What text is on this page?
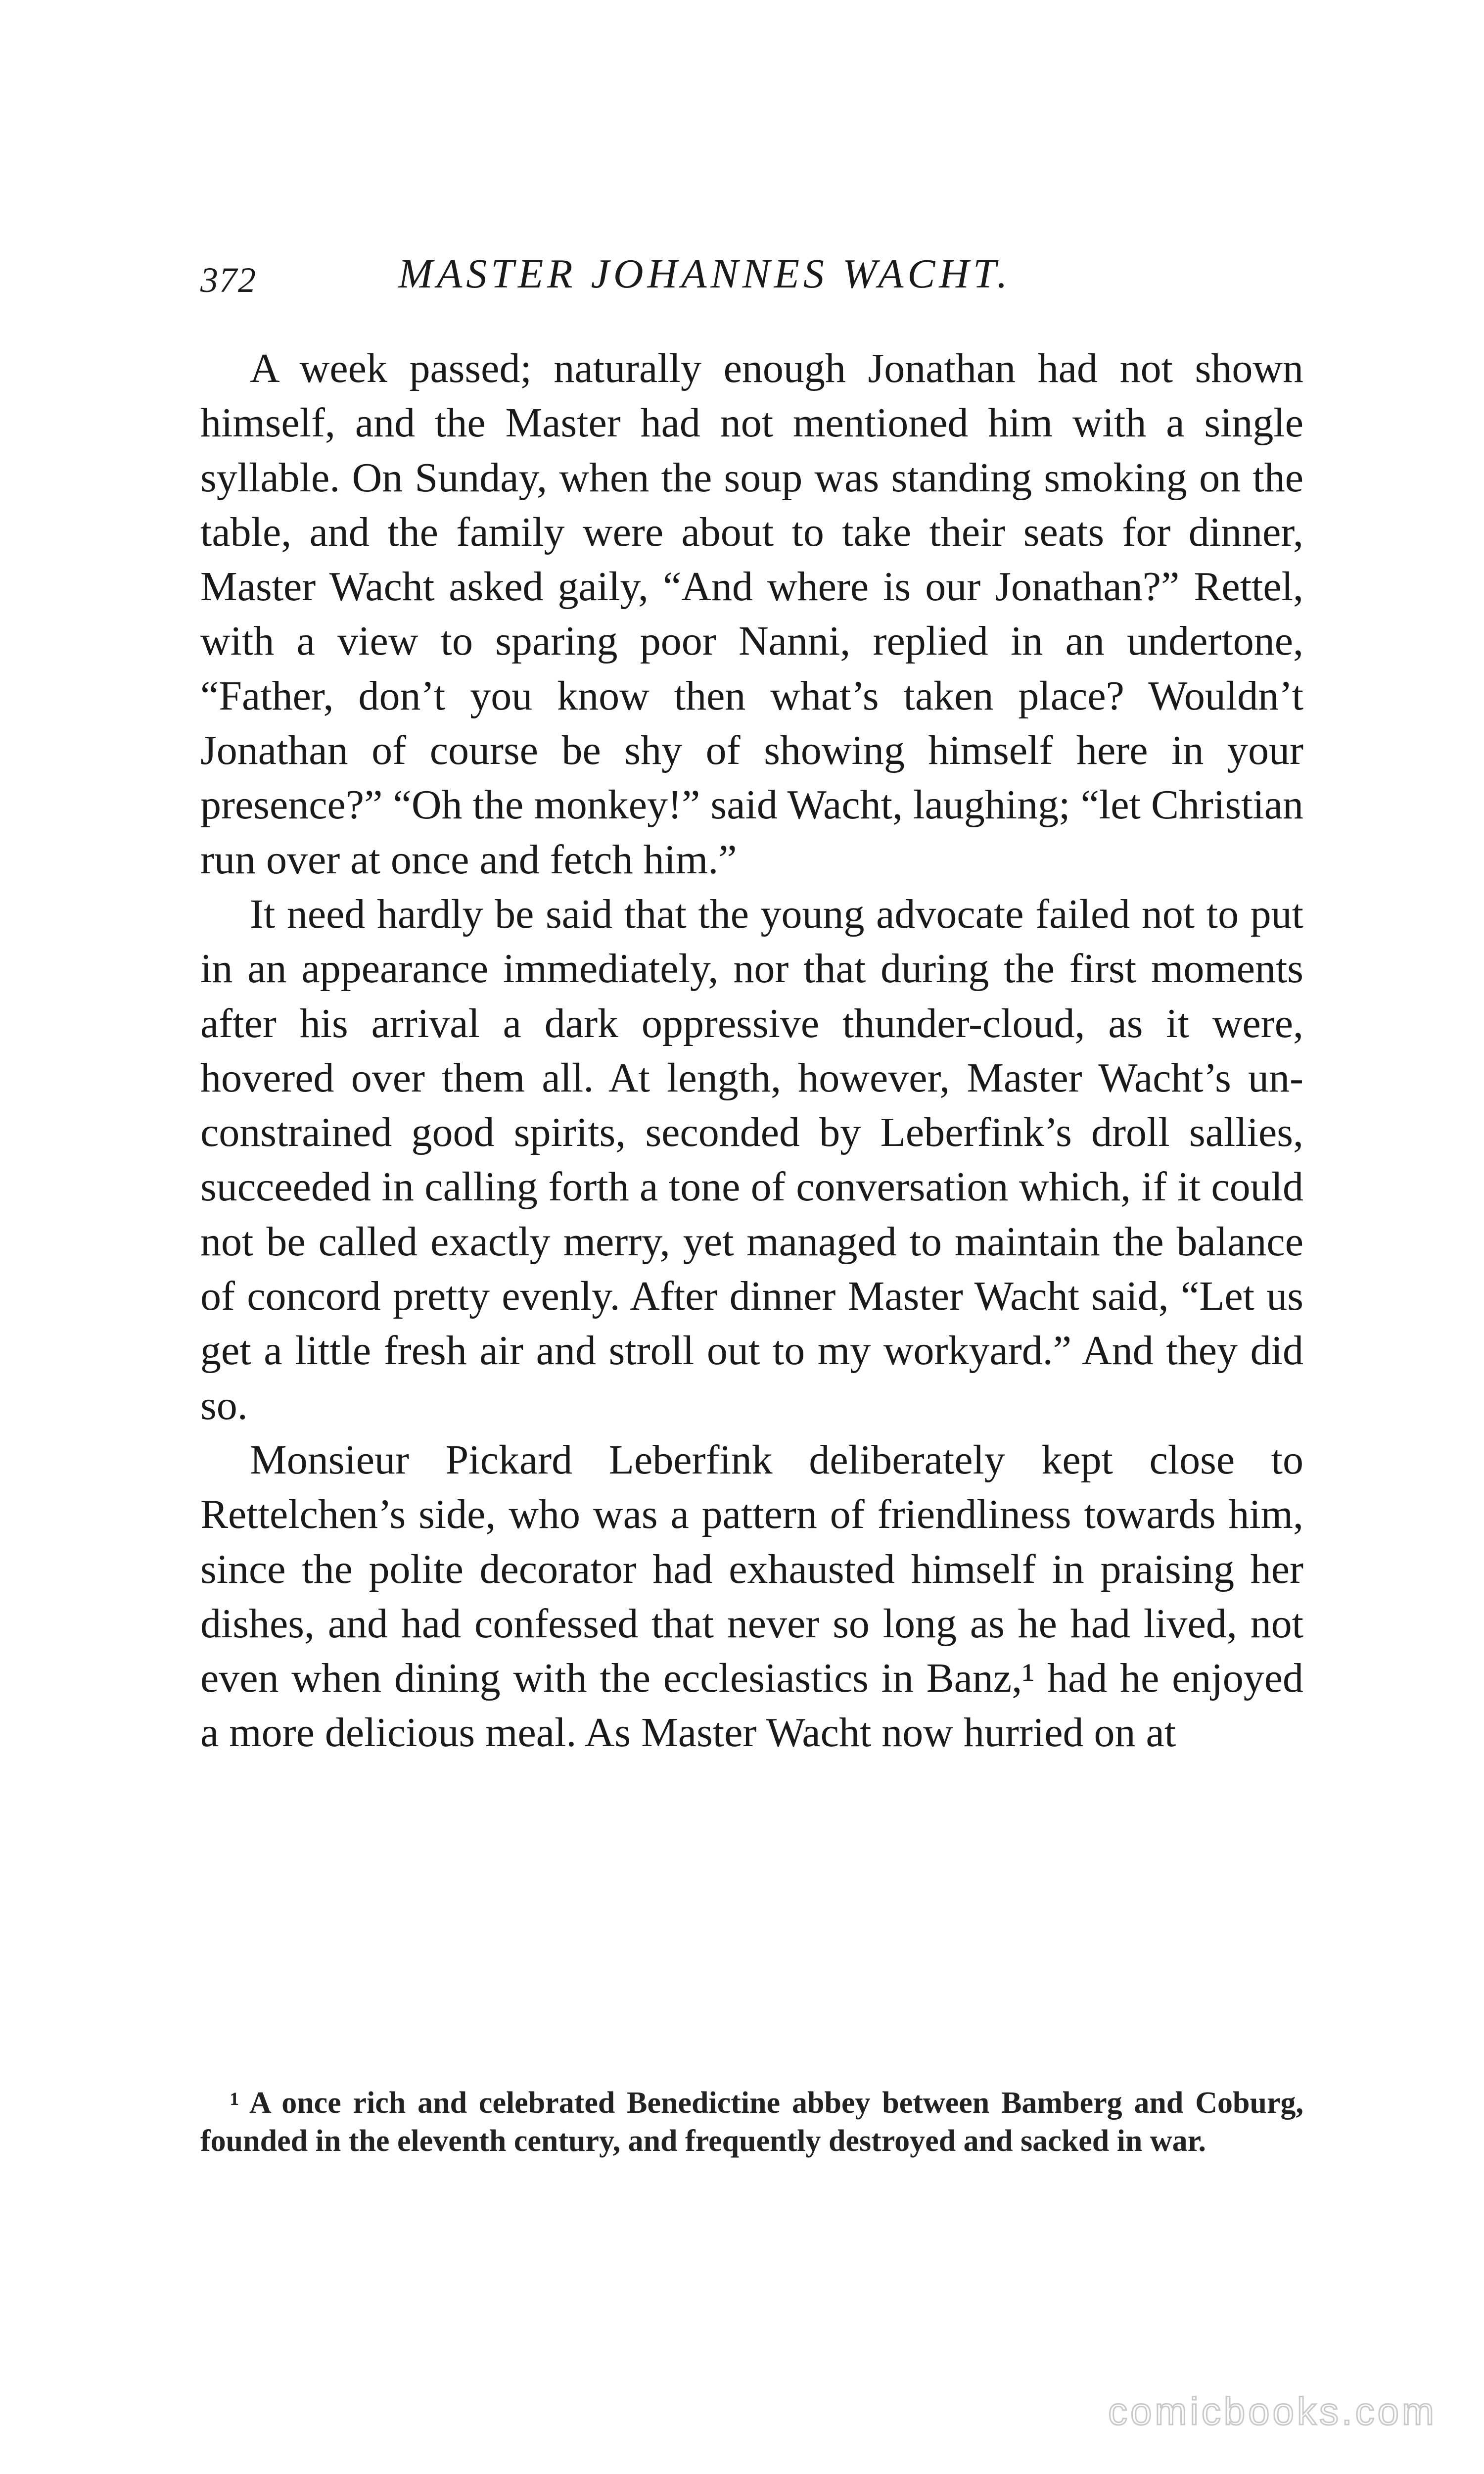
372	MASTER JOHANNES WACHT.

A week passed; naturally enough Jonathan had not shown himself, and the Master had not mentioned him with a single syllable. On Sunday, when the soup was standing smoking on the table, and the family were about to take their seats for dinner, Master Wacht asked gaily, “And where is our Jonathan?” Rettel, with a view to sparing poor Nanni, replied in an undertone, “Father, don’t you know then what’s taken place? Wouldn’t Jonathan of course be shy of showing himself here in your presence?” “Oh the monkey!” said Wacht, laughing; “let Christian run over at once and fetch him.”

It need hardly be said that the young advocate failed not to put in an appearance immediately, nor that during the first moments after his arrival a dark oppressive thunder-cloud, as it were, hovered over them all. At length, however, Master Wacht’s unconstrained good spirits, seconded by Leberfink’s droll sallies, succeeded in calling forth a tone of conversation which, if it could not be called exactly merry, yet managed to maintain the balance of concord pretty evenly. After dinner Master Wacht said, “Let us get a little fresh air and stroll out to my workyard.” And they did so.

Monsieur Pickard Leberfink deliberately kept close to Rettelchen’s side, who was a pattern of friendliness towards him, since the polite decorator had exhausted himself in praising her dishes, and had confessed that never so long as he had lived, not even when dining with the ecclesiastics in Banz,¹ had he enjoyed a more delicious meal. As Master Wacht now hurried on at

¹ A once rich and celebrated Benedictine abbey between Bamberg and Coburg, founded in the eleventh century, and frequently destroyed and sacked in war.

comicbooks.com
